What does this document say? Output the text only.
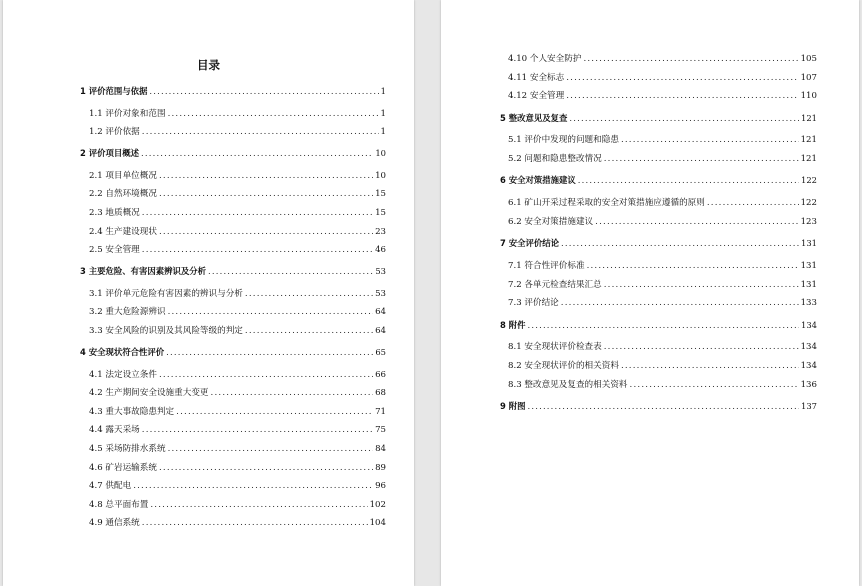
目录
1 评价范围与依据 .....	1
1.1 评价对象和范围 .....	1
1.2 评价依据 .....	1
2 评价项目概述 .....	10
2.1 项目单位概况 .....	10
2.2 自然环境概况 .....	15
2.3 地质概况 .....	15
2.4 生产建设现状 .....	23
2.5 安全管理 .....	46
3 主要危险、有害因素辨识及分析 .....	53
3.1 评价单元危险有害因素的辨识与分析 .....	53
3.2 重大危险源辨识 .....	64
3.3 安全风险的识别及其风险等级的判定 .....	64
4 安全现状符合性评价 .....	65
4.1 法定设立条件 .....	66
4.2 生产期间安全设施重大变更 .....	68
4.3 重大事故隐患判定 .....	71
4.4 露天采场 .....	75
4.5 采场防排水系统 .....	84
4.6 矿岩运输系统 .....	89
4.7 供配电 .....	96
4.8 总平面布置 .....	102
4.9 通信系统 .....	104
4.10 个人安全防护 .....	105
4.11 安全标志 .....	107
4.12 安全管理 .....	110
5 整改意见及复查 .....	121
5.1 评价中发现的问题和隐患 .....	121
5.2 问题和隐患整改情况 .....	121
6 安全对策措施建议 .....	122
6.1 矿山开采过程采取的安全对策措施应遵循的原则 .....	122
6.2 安全对策措施建议 .....	123
7 安全评价结论 .....	131
7.1 符合性评价标准 .....	131
7.2 各单元检查结果汇总 .....	131
7.3 评价结论 .....	133
8 附件 .....	134
8.1 安全现状评价检查表 .....	134
8.2 安全现状评价的相关资料 .....	134
8.3 整改意见及复查的相关资料 .....	136
9 附图 .....	137
